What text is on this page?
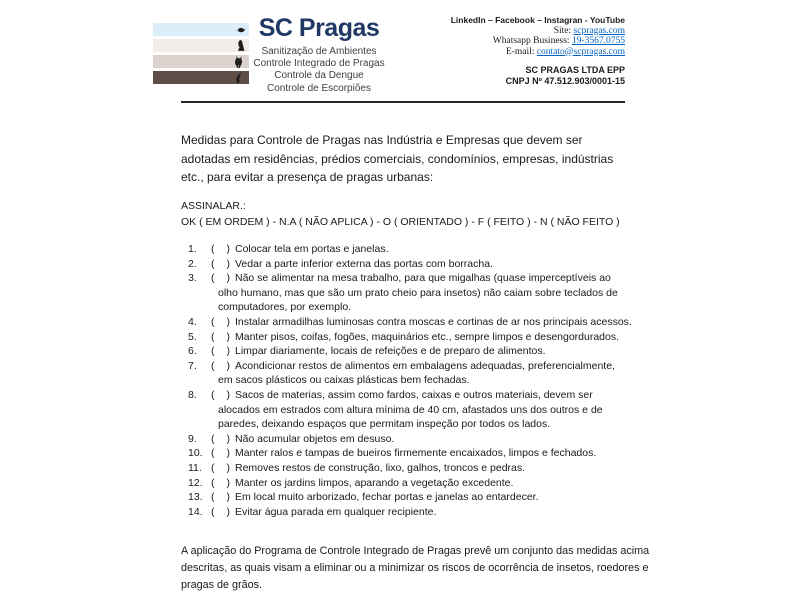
SC Pragas
Sanitização de Ambientes
Controle Integrado de Pragas
Controle da Dengue
Controle de Escorpiões
LinkedIn – Facebook – Instagran - YouTube
Site: scpragas.com
Whatsapp Business: 19-3567.0755
E-mail: contato@scpragas.com
SC PRAGAS LTDA EPP
CNPJ Nº 47.512.903/0001-15
Medidas para Controle de Pragas nas Indústria e Empresas que devem ser
adotadas em residências, prédios comerciais, condomínios, empresas, indústrias
etc., para evitar a presença de pragas urbanas:
ASSINALAR.:
OK ( EM ORDEM ) - N.A ( NÃO APLICA ) - O ( ORIENTADO ) - F ( FEITO ) - N ( NÃO FEITO )
1. ( ) Colocar tela em portas e janelas.
2. ( ) Vedar a parte inferior externa das portas com borracha.
3. ( ) Não se alimentar na mesa trabalho, para que migalhas (quase imperceptíveis ao
olho humano, mas que são um prato cheio para insetos) não caiam sobre teclados de
computadores, por exemplo.
4. ( ) Instalar armadilhas luminosas contra moscas e cortinas de ar nos principais acessos.
5. ( ) Manter pisos, coifas, fogões, maquinários etc., sempre limpos e desengordurados.
6. ( ) Limpar diariamente, locais de refeições e de preparo de alimentos.
7. ( ) Acondicionar restos de alimentos em embalagens adequadas, preferencialmente,
em sacos plásticos ou caixas plásticas bem fechadas.
8. ( ) Sacos de materias, assim como fardos, caixas e outros materiais, devem ser
alocados em estrados com altura mínima de 40 cm, afastados uns dos outros e de
paredes, deixando espaços que permitam inspeção por todos os lados.
9. ( ) Não acumular objetos em desuso.
10. ( ) Manter ralos e tampas de bueiros firmemente encaixados, limpos e fechados.
11. ( ) Removes restos de construção, lixo, galhos, troncos e pedras.
12. ( ) Manter os jardins limpos, aparando a vegetação excedente.
13. ( ) Em local muito arborizado, fechar portas e janelas ao entardecer.
14. ( ) Evitar água parada em qualquer recipiente.
A aplicação do Programa de Controle Integrado de Pragas prevê um conjunto das medidas acima
descritas, as quais visam a eliminar ou a minimizar os riscos de ocorrência de insetos, roedores e
pragas de grãos.
